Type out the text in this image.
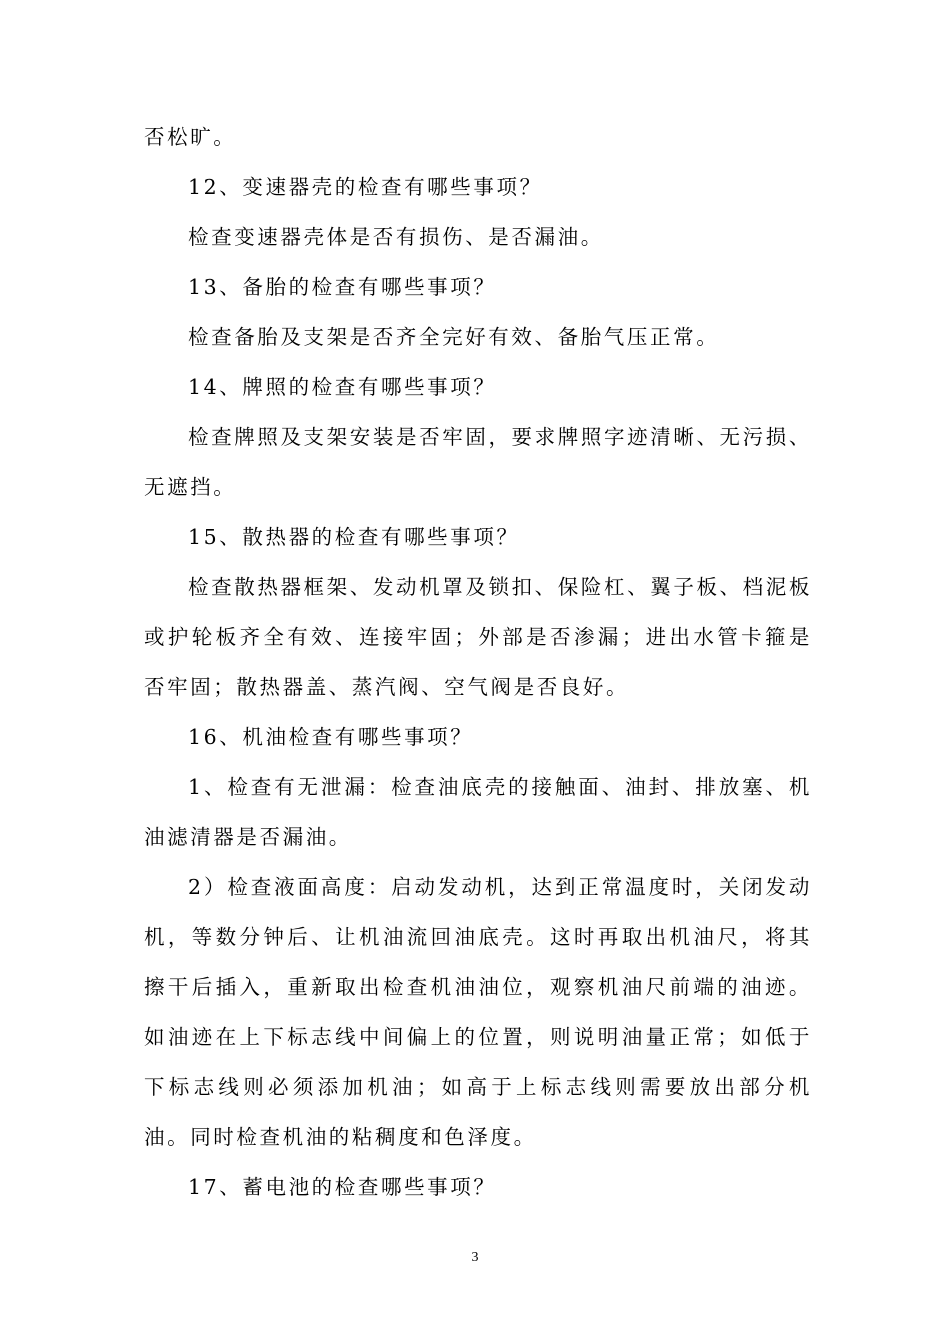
否松旷。

12、变速器壳的检查有哪些事项？

检查变速器壳体是否有损伤、是否漏油。

13、备胎的检查有哪些事项？

检查备胎及支架是否齐全完好有效、备胎气压正常。

14、牌照的检查有哪些事项？

检查牌照及支架安装是否牢固，要求牌照字迹清晰、无污损、无遮挡。

15、散热器的检查有哪些事项？

检查散热器框架、发动机罩及锁扣、保险杠、翼子板、档泥板或护轮板齐全有效、连接牢固；外部是否渗漏；进出水管卡箍是否牢固；散热器盖、蒸汽阀、空气阀是否良好。

16、机油检查有哪些事项？

1、检查有无泄漏：检查油底壳的接触面、油封、排放塞、机油滤清器是否漏油。

2）检查液面高度：启动发动机，达到正常温度时，关闭发动机，等数分钟后、让机油流回油底壳。这时再取出机油尺，将其擦干后插入，重新取出检查机油油位，观察机油尺前端的油迹。如油迹在上下标志线中间偏上的位置，则说明油量正常；如低于下标志线则必须添加机油；如高于上标志线则需要放出部分机油。同时检查机油的粘稠度和色泽度。

17、蓄电池的检查哪些事项？

3
